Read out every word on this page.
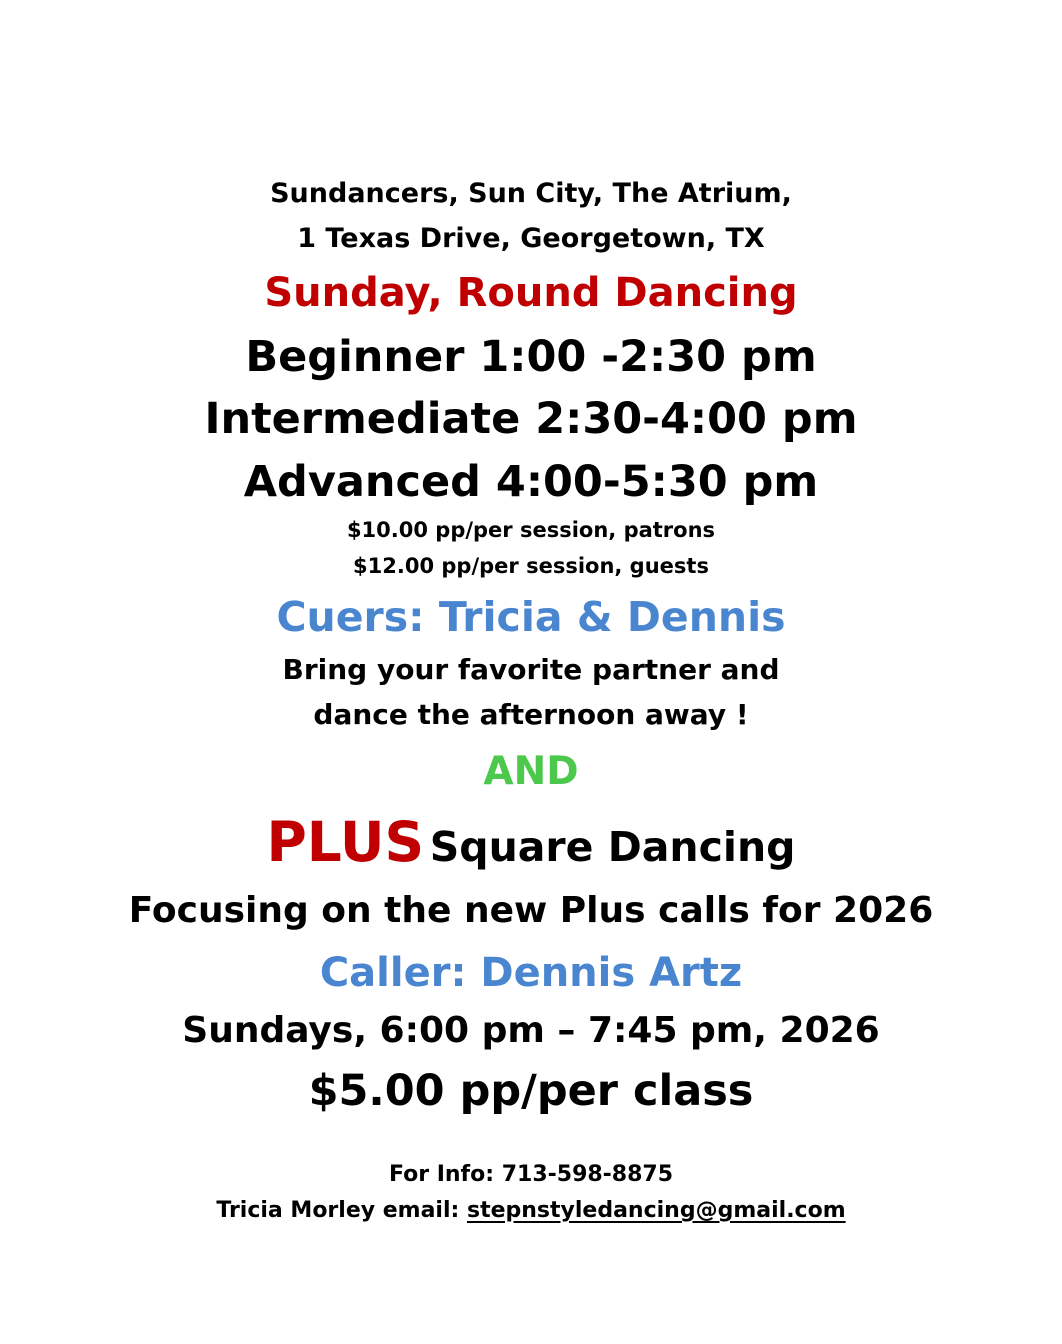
Sundancers, Sun City, The Atrium,
1 Texas Drive, Georgetown, TX
Sunday, Round Dancing
Beginner 1:00 -2:30 pm
Intermediate 2:30-4:00 pm
Advanced 4:00-5:30 pm
$10.00 pp/per session, patrons
$12.00 pp/per session, guests
Cuers: Tricia & Dennis
Bring your favorite partner and
dance the afternoon away !
AND
PLUS Square Dancing
Focusing on the new Plus calls for 2026
Caller: Dennis Artz
Sundays, 6:00 pm – 7:45 pm, 2026
$5.00 pp/per class
For Info: 713-598-8875
Tricia Morley email: stepnstyledancing@gmail.com
